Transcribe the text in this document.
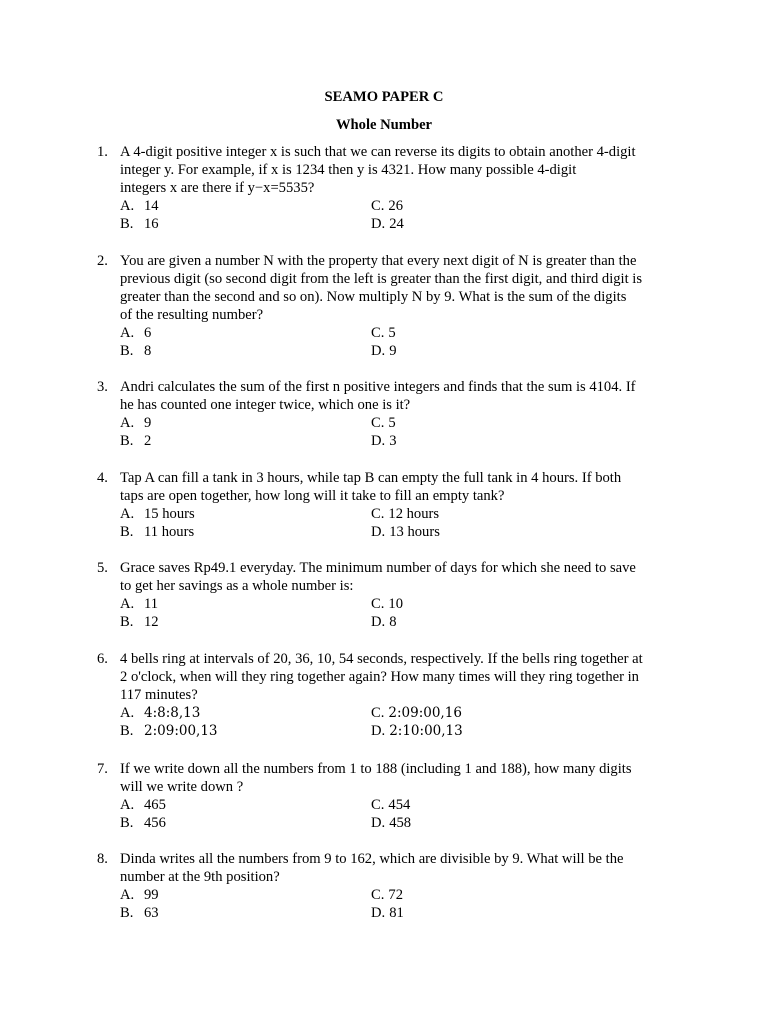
SEAMO PAPER C
Whole Number
1. A 4-digit positive integer x is such that we can reverse its digits to obtain another 4-digit
integer y. For example, if x is 1234 then y is 4321. How many possible 4-digit
integers x are there if y−x=5535?
A. 14
B. 16
C. 26
D. 24
2. You are given a number N with the property that every next digit of N is greater than the
previous digit (so second digit from the left is greater than the first digit, and third digit is
greater than the second and so on). Now multiply N by 9. What is the sum of the digits
of the resulting number?
A. 6
B. 8
C. 5
D. 9
3. Andri calculates the sum of the first n positive integers and finds that the sum is 4104. If
he has counted one integer twice, which one is it?
A. 9
B. 2
C. 5
D. 3
4. Tap A can fill a tank in 3 hours, while tap B can empty the full tank in 4 hours. If both
taps are open together, how long will it take to fill an empty tank?
A. 15 hours
B. 11 hours
C. 12 hours
D. 13 hours
5. Grace saves Rp49.1 everyday. The minimum number of days for which she need to save
to get her savings as a whole number is:
A. 11
B. 12
C. 10
D. 8
6. 4 bells ring at intervals of 20, 36, 10, 54 seconds, respectively. If the bells ring together at
2 o'clock, when will they ring together again? How many times will they ring together in
117 minutes?
A. 4:8:8,13
B. 2:09:00,13
C. 2:09:00,16
D. 2:10:00,13
7. If we write down all the numbers from 1 to 188 (including 1 and 188), how many digits
will we write down ?
A. 465
B. 456
C. 454
D. 458
8. Dinda writes all the numbers from 9 to 162, which are divisible by 9. What will be the
number at the 9th position?
A. 99
B. 63
C. 72
D. 81
